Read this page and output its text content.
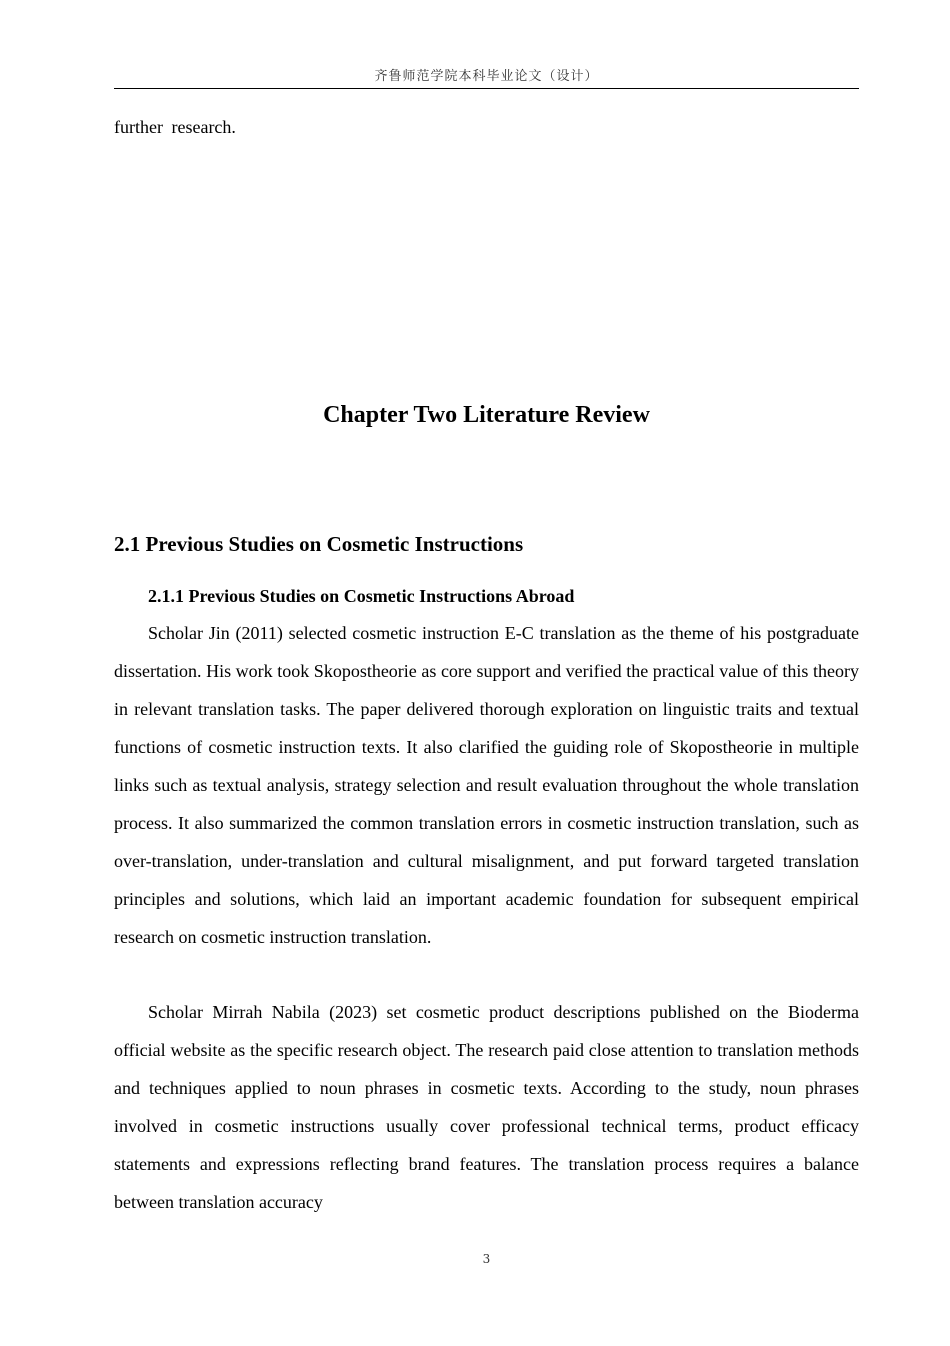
齐鲁师范学院本科毕业论文（设计）
further research.
Chapter Two Literature Review
2.1 Previous Studies on Cosmetic Instructions
2.1.1 Previous Studies on Cosmetic Instructions Abroad

Scholar Jin (2011) selected cosmetic instruction E-C translation as the theme of his postgraduate dissertation. His work took Skopostheorie as core support and verified the practical value of this theory in relevant translation tasks. The paper delivered thorough exploration on linguistic traits and textual functions of cosmetic instruction texts. It also clarified the guiding role of Skopostheorie in multiple links such as textual analysis, strategy selection and result evaluation throughout the whole translation process. It also summarized the common translation errors in cosmetic instruction translation, such as over-translation, under-translation and cultural misalignment, and put forward targeted translation principles and solutions, which laid an important academic foundation for subsequent empirical research on cosmetic instruction translation.

Scholar Mirrah Nabila (2023) set cosmetic product descriptions published on the Bioderma official website as the specific research object. The research paid close attention to translation methods and techniques applied to noun phrases in cosmetic texts. According to the study, noun phrases involved in cosmetic instructions usually cover professional technical terms, product efficacy statements and expressions reflecting brand features. The translation process requires a balance between translation accuracy

3
